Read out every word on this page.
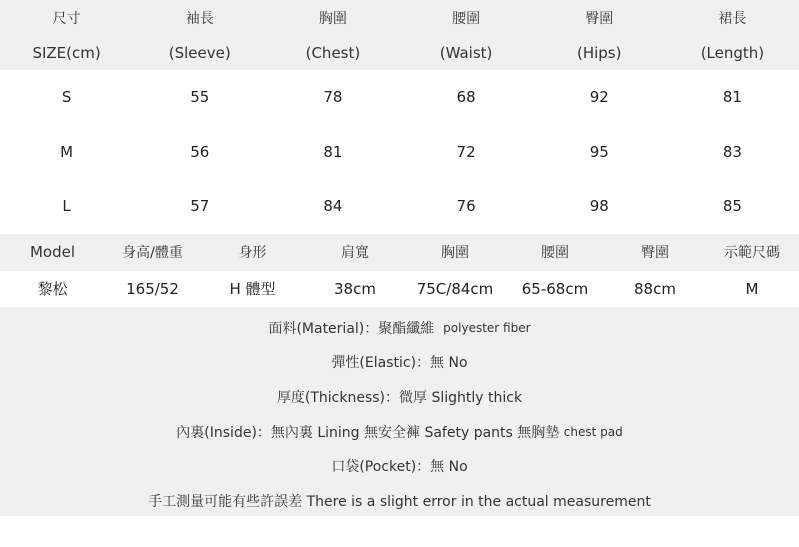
尺寸	袖長	胸圍	腰圍	臀圍	裙長
SIZE(cm)	(Sleeve)	(Chest)	(Waist)	(Hips)	(Length)
S	55	78	68	92	81
M	56	81	72	95	83
L	57	84	76	98	85
Model	身高/體重	身形	肩寬	胸圍	腰圍	臀圍	示範尺碼
黎松	165/52	H 體型	38cm	75C/84cm	65-68cm	88cm	M
面料(Material)：聚酯纖維
polyester fiber
彈性(Elastic)：無 No
厚度(Thickness)：微厚 Slightly thick
內裏(Inside)：無內裏 Lining 無安全褲 Safety pants 無胸墊
chest pad
口袋(Pocket)：無 No
手工測量可能有些許誤差 There is a slight error in the actual measurement
